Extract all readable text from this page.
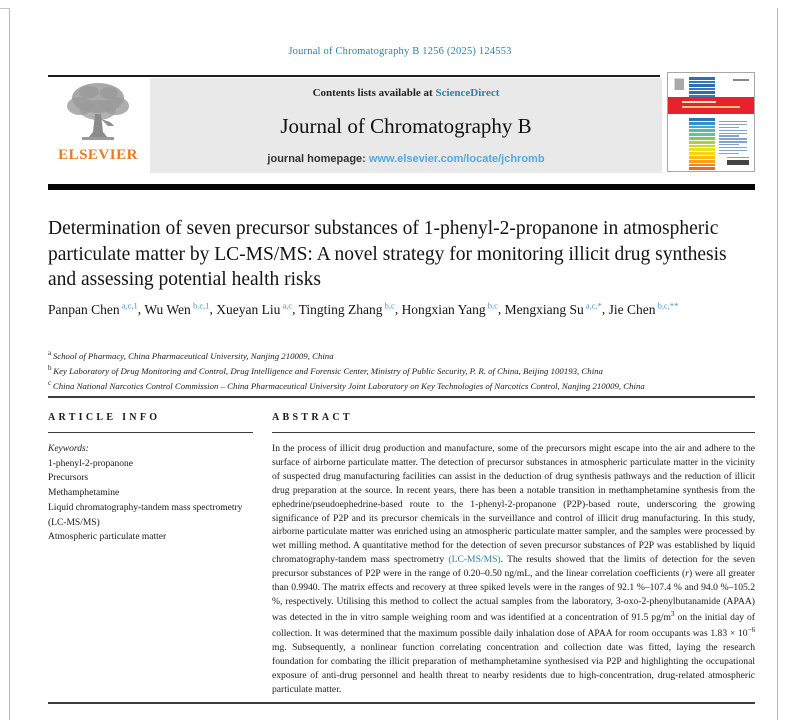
Journal of Chromatography B 1256 (2025) 124553
ELSEVIER
Contents lists available at ScienceDirect
Journal of Chromatography B
journal homepage: www.elsevier.com/locate/jchromb
Determination of seven precursor substances of 1-phenyl-2-propanone in atmospheric particulate matter by LC-MS/MS: A novel strategy for monitoring illicit drug synthesis and assessing potential health risks
Panpan Chen $^{a,c,1}$, Wu Wen $^{b,c,1}$, Xueyan Liu $^{a,c}$, Tingting Zhang $^{b,c}$, Hongxian Yang $^{b,c}$, Mengxiang Su $^{a,c,*}$, Jie Chen $^{b,c,**}$
$^a$ School of Pharmacy, China Pharmaceutical University, Nanjing 210009, China
$^b$ Key Laboratory of Drug Monitoring and Control, Drug Intelligence and Forensic Center, Ministry of Public Security, P. R. of China, Beijing 100193, China
$^c$ China National Narcotics Control Commission – China Pharmaceutical University Joint Laboratory on Key Technologies of Narcotics Control, Nanjing 210009, China
ARTICLE INFO
Keywords:
1-phenyl-2-propanone
Precursors
Methamphetamine
Liquid chromatography-tandem mass spectrometry (LC-MS/MS)
Atmospheric particulate matter
ABSTRACT
In the process of illicit drug production and manufacture, some of the precursors might escape into the air and adhere to the surface of airborne particulate matter. The detection of precursor substances in atmospheric particulate matter in the vicinity of suspected drug manufacturing facilities can assist in the deduction of drug synthesis pathways and the reduction of illicit drug preparation at the source. In recent years, there has been a notable transition in methamphetamine synthesis from the ephedrine/pseudoephedrine-based route to the 1-phenyl-2-propanone (P2P)-based route, underscoring the growing significance of P2P and its precursor chemicals in the surveillance and control of illicit drug manufacturing. In this study, airborne particulate matter was enriched using an atmospheric particulate matter sampler, and the samples were processed by wet milling method. A quantitative method for the detection of seven precursor substances of P2P was established by liquid chromatography-tandem mass spectrometry (LC-MS/MS). The results showed that the limits of detection for the seven precursor substances of P2P were in the range of 0.20–0.50 ng/mL, and the linear correlation coefficients (r) were all greater than 0.9940. The matrix effects and recovery at three spiked levels were in the ranges of 92.1 %–107.4 % and 94.0 %–105.2 %, respectively. Utilising this method to collect the actual samples from the laboratory, 3-oxo-2-phenylbutanamide (APAA) was detected in the in vitro sample weighing room and was identified at a concentration of 91.5 $pg/m^3$ on the initial day of collection. It was determined that the maximum possible daily inhalation dose of APAA for room occupants was $1.83 \times 10^{-6}$ mg. Subsequently, a nonlinear function correlating concentration and collection date was fitted, laying the research foundation for combating the illicit preparation of methamphetamine synthesised via P2P and highlighting the occupational exposure of anti-drug personnel and health threat to nearby residents due to high-concentration, drug-related atmospheric particulate matter.
